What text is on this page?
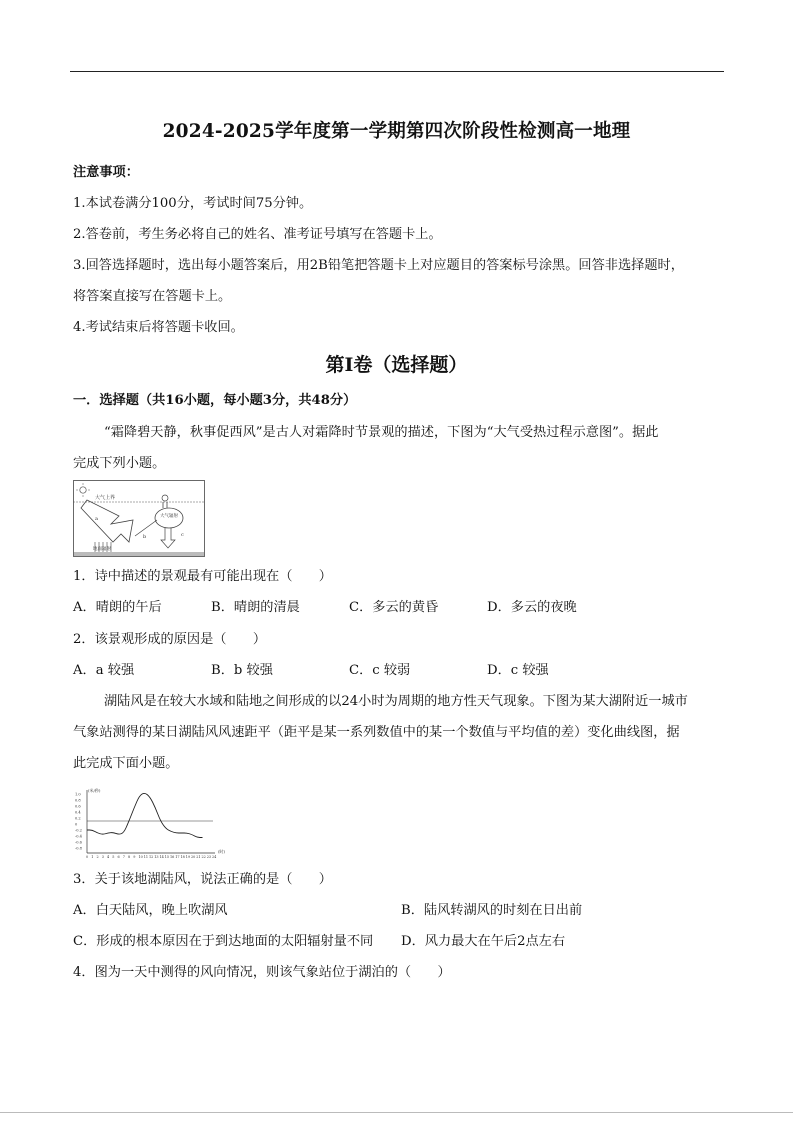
2024-2025学年度第一学期第四次阶段性检测高一地理
注意事项：
1.本试卷满分100分，考试时间75分钟。
2.答卷前，考生务必将自己的姓名、准考证号填写在答题卡上。
3.回答选择题时，选出每小题答案后，用2B铅笔把答题卡上对应题目的答案标号涂黑。回答非选择题时，
将答案直接写在答题卡上。
4.考试结束后将答题卡收回。
第Ⅰ卷（选择题）
一．选择题（共16小题，每小题3分，共48分）
“霜降碧天静，秋事促西风”是古人对霜降时节景观的描述，下图为“大气受热过程示意图”。据此
完成下列小题。
大气上界
a	大气辐射
b	c
地面辐射
1．诗中描述的景观最有可能出现在（　　）
A．晴朗的午后	B．晴朗的清晨	C．多云的黄昏	D．多云的夜晚
2．该景观形成的原因是（　　）
A．a 较强	B．b 较强	C．c 较弱	D．c 较强
湖陆风是在较大水域和陆地之间形成的以24小时为周期的地方性天气现象。下图为某大湖附近一城市
气象站测得的某日湖陆风风速距平（距平是某一系列数值中的某一个数值与平均值的差）变化曲线图，据
此完成下面小题。
(米/秒)
(时)
1.0
0.8
0.6
0.4
0.2
0
-0.2
-0.4
-0.6
-0.8
0 1 2 3 4 5 6 7 8 9 10 11 12 13 14 15 16 17 18 19 20 21 22 23 24
3．关于该地湖陆风，说法正确的是（　　）
A．白天陆风，晚上吹湖风	B．陆风转湖风的时刻在日出前
C．形成的根本原因在于到达地面的太阳辐射量不同 D．风力最大在午后2点左右
4．图为一天中测得的风向情况，则该气象站位于湖泊的（　　）
